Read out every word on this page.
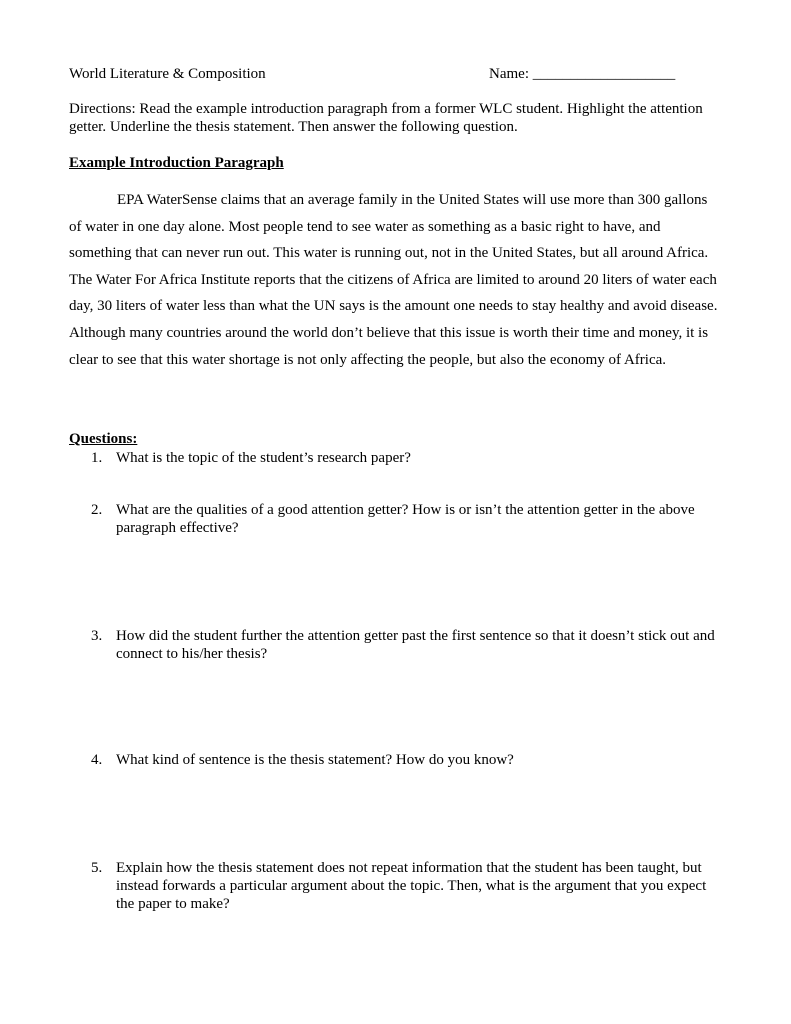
World Literature & Composition	Name: ___________________
Directions: Read the example introduction paragraph from a former WLC student. Highlight the attention getter. Underline the thesis statement. Then answer the following question.
Example Introduction Paragraph
EPA WaterSense claims that an average family in the United States will use more than 300 gallons of water in one day alone. Most people tend to see water as something as a basic right to have, and something that can never run out. This water is running out, not in the United States, but all around Africa. The Water For Africa Institute reports that the citizens of Africa are limited to around 20 liters of water each day, 30 liters of water less than what the UN says is the amount one needs to stay healthy and avoid disease. Although many countries around the world don’t believe that this issue is worth their time and money, it is clear to see that this water shortage is not only affecting the people, but also the economy of Africa.
Questions:
1. What is the topic of the student’s research paper?
2. What are the qualities of a good attention getter? How is or isn’t the attention getter in the above paragraph effective?
3. How did the student further the attention getter past the first sentence so that it doesn’t stick out and connect to his/her thesis?
4. What kind of sentence is the thesis statement? How do you know?
5. Explain how the thesis statement does not repeat information that the student has been taught, but instead forwards a particular argument about the topic. Then, what is the argument that you expect the paper to make?
